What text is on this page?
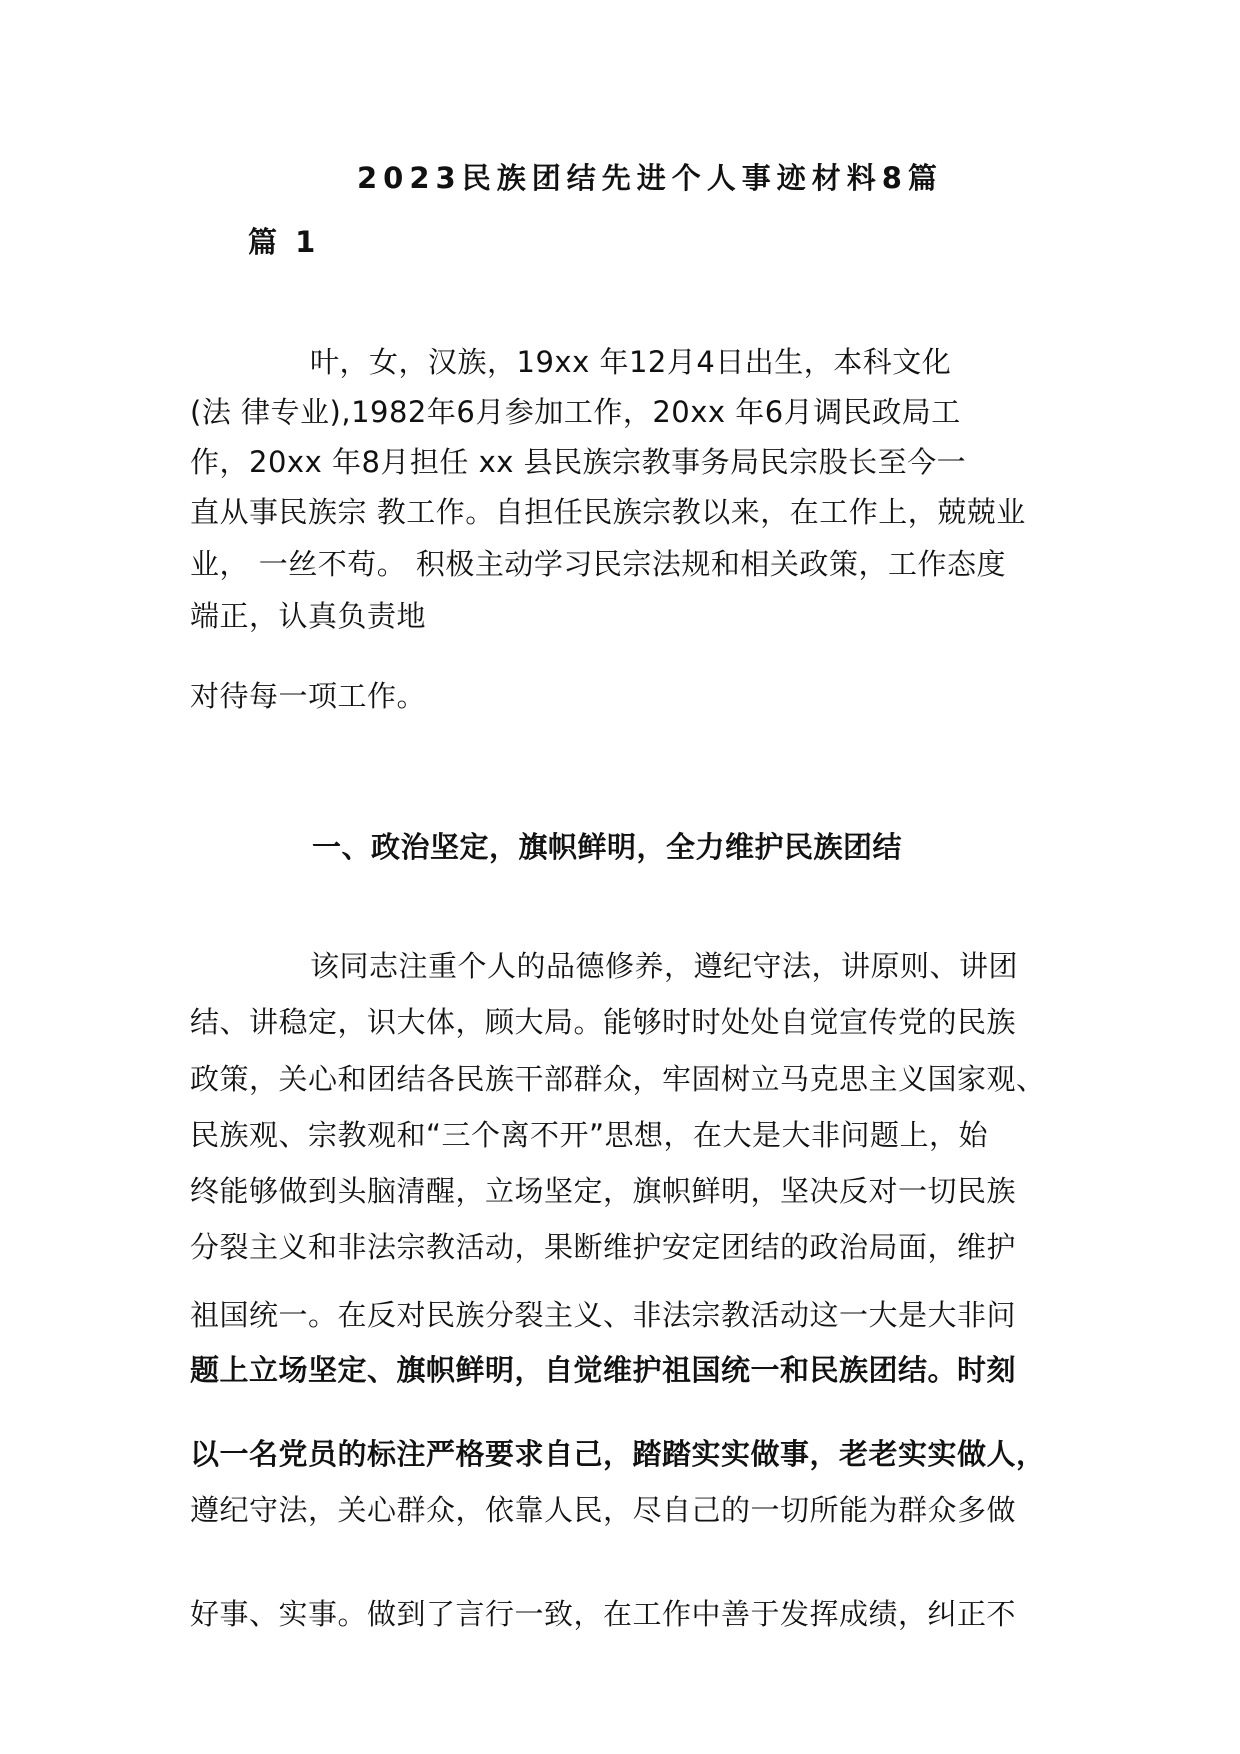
2023民族团结先进个人事迹材料8篇
篇 1
叶，女，汉族，19xx 年12月4日出生，本科文化
(法 律专业),1982年6月参加工作，20xx 年6月调民政局工
作，20xx 年8月担任 xx 县民族宗教事务局民宗股长至今一
直从事民族宗 教工作。自担任民族宗教以来，在工作上，兢兢业
业， 一丝不苟。 积极主动学习民宗法规和相关政策，工作态度
端正，认真负责地
对待每一项工作。
一、政治坚定，旗帜鲜明，全力维护民族团结
该同志注重个人的品德修养，遵纪守法，讲原则、讲团
结、讲稳定，识大体，顾大局。能够时时处处自觉宣传党的民族
政策，关心和团结各民族干部群众，牢固树立马克思主义国家观、
民族观、宗教观和“三个离不开”思想，在大是大非问题上，始
终能够做到头脑清醒，立场坚定，旗帜鲜明，坚决反对一切民族
分裂主义和非法宗教活动，果断维护安定团结的政治局面，维护
祖国统一。在反对民族分裂主义、非法宗教活动这一大是大非问
题上立场坚定、旗帜鲜明，自觉维护祖国统一和民族团结。时刻
以一名党员的标注严格要求自己，踏踏实实做事，老老实实做人，
遵纪守法，关心群众，依靠人民，尽自己的一切所能为群众多做
好事、实事。做到了言行一致，在工作中善于发挥成绩，纠正不
